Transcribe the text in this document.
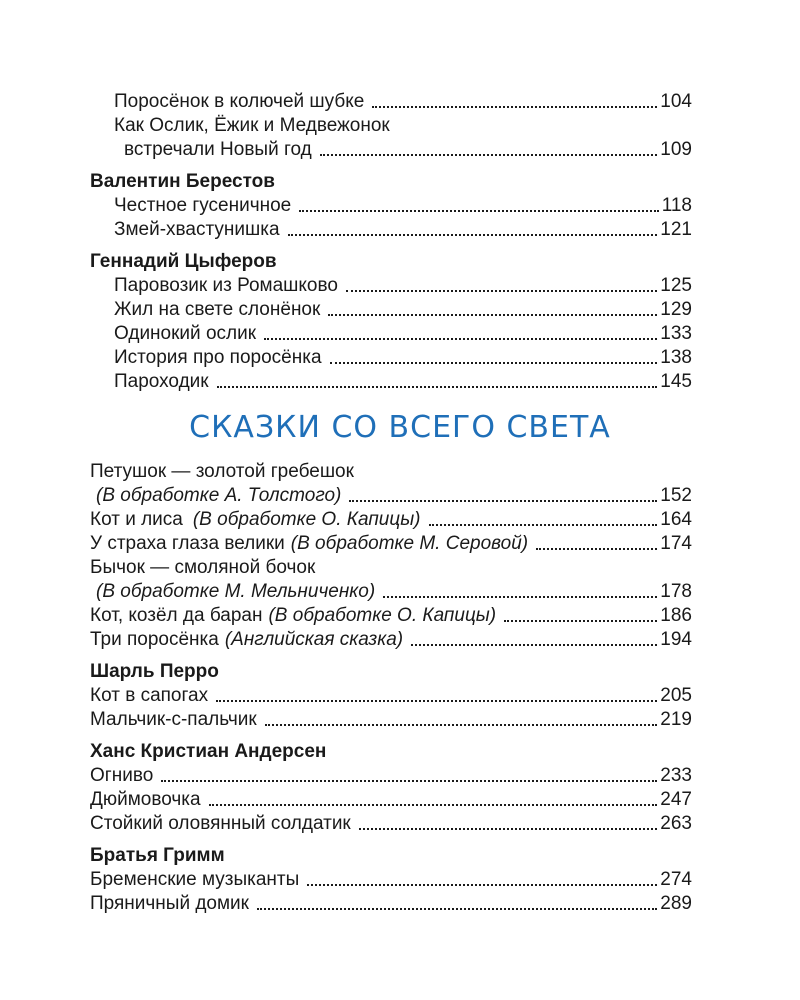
Поросёнок в колючей шубке	104
Как Ослик, Ёжик и Медвежонок
встречали Новый год	109
Валентин Берестов
Честное гусеничное	118
Змей-хвастунишка	121
Геннадий Цыферов
Паровозик из Ромашково	125
Жил на свете слонёнок	129
Одинокий ослик	133
История про поросёнка	138
Пароходик	145
СКАЗКИ СО ВСЕГО СВЕТА
Петушок — золотой гребешок
(В обработке А. Толстого)	152
Кот и лиса (В обработке О. Капицы)	164
У страха глаза велики (В обработке М. Серовой)	174
Бычок — смоляной бочок
(В обработке М. Мельниченко)	178
Кот, козёл да баран (В обработке О. Капицы)	186
Три поросёнка (Английская сказка)	194
Шарль Перро
Кот в сапогах	205
Мальчик-с-пальчик	219
Ханс Кристиан Андерсен
Огниво	233
Дюймовочка	247
Стойкий оловянный солдатик	263
Братья Гримм
Бременские музыканты	274
Пряничный домик	289
